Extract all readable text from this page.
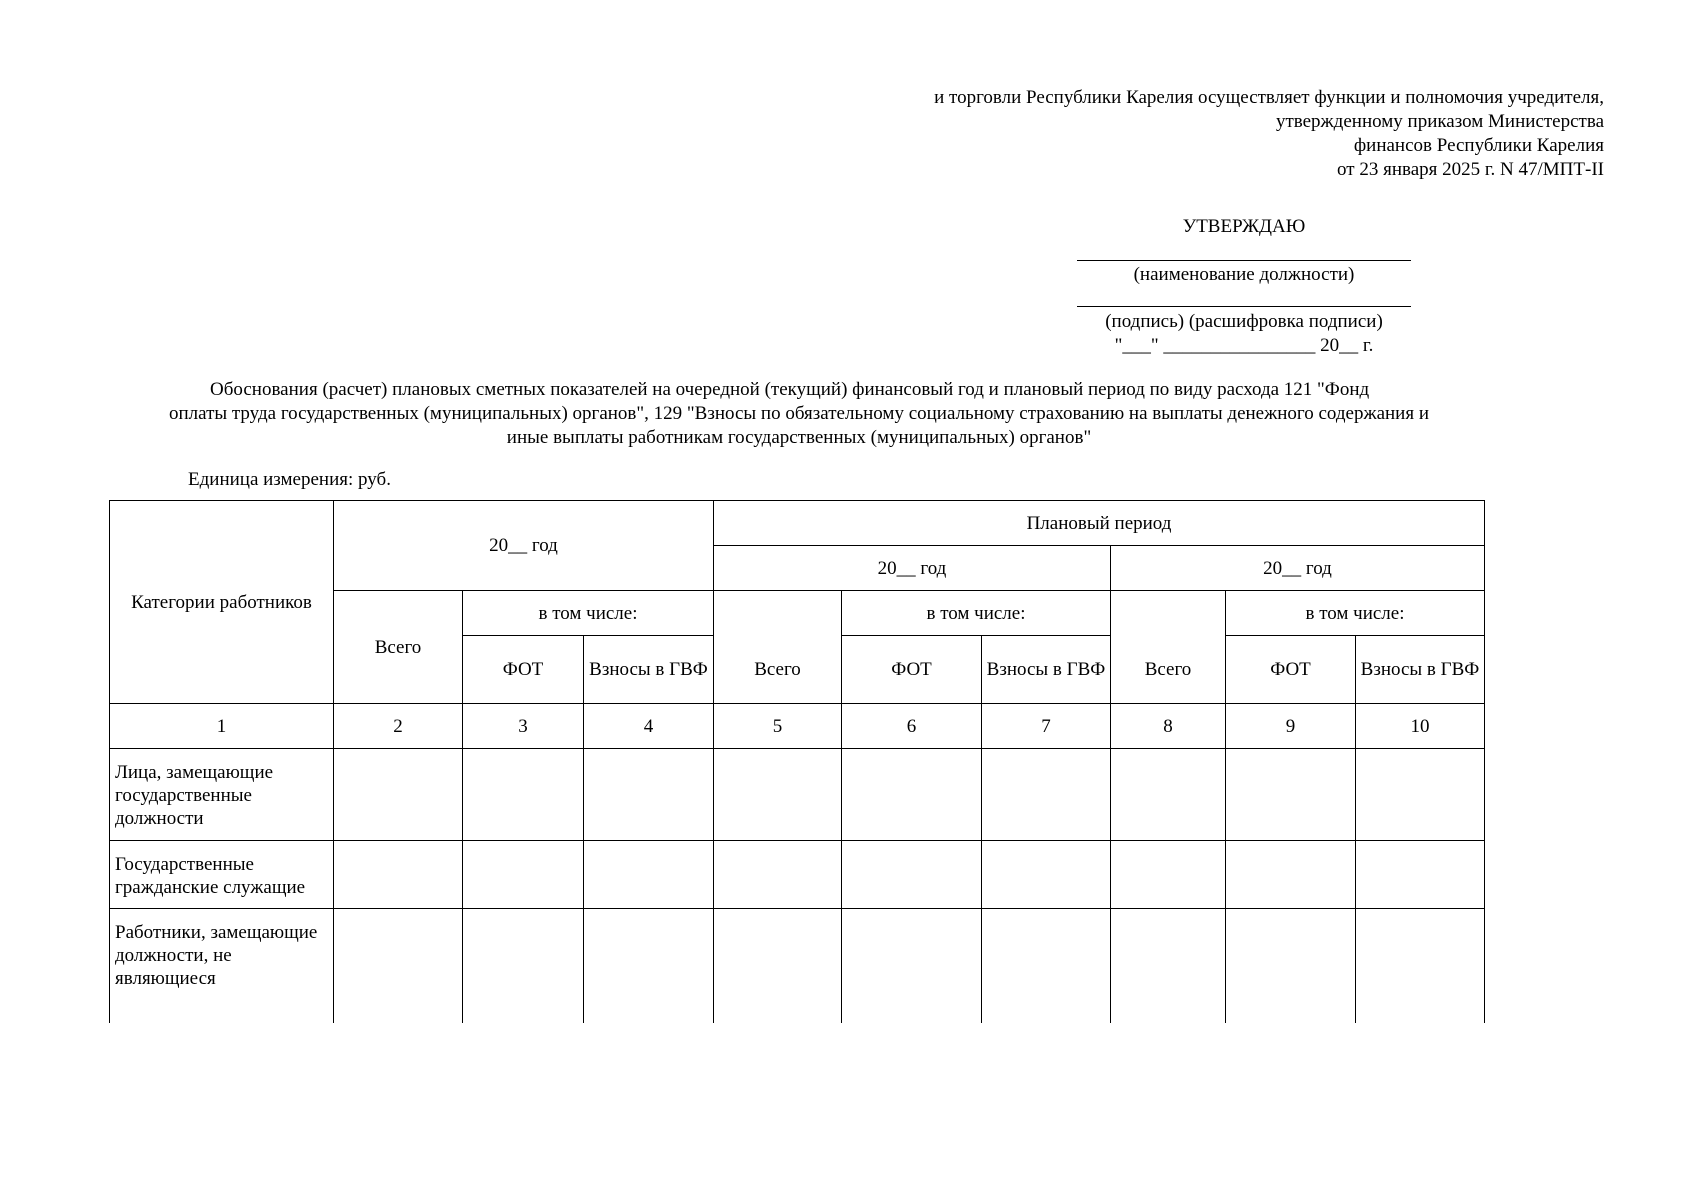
и торговли Республики Карелия осуществляет функции и полномочия учредителя,
утвержденному приказом Министерства
финансов Республики Карелия
от 23 января 2025 г. N 47/МПТ-II
УТВЕРЖДАЮ
(наименование должности)
(подпись) (расшифровка подписи)
"___" ________________ 20__ г.

Обоснования (расчет) плановых сметных показателей на очередной (текущий) финансовый год и плановый период по виду расхода 121 "Фонд

оплаты труда государственных (муниципальных) органов", 129 "Взносы по обязательному социальному страхованию на выплаты денежного содержания и

иные выплаты работникам государственных (муниципальных) органов"

Единица измерения: руб.
Категории работников	20__ год			Плановый период					
				20__ год			20__ год		
	Всего	в том числе:			в том числе:			в том числе:	
		ФОТ	Взносы в ГВФ	Всего	ФОТ	Взносы в ГВФ	Всего	ФОТ	Взносы в ГВФ
1	2	3	4	5	6	7	8	9	10
Лица, замещающие государственные должности									
Государственные гражданские служащие									
Работники, замещающие должности, не являющиеся									
